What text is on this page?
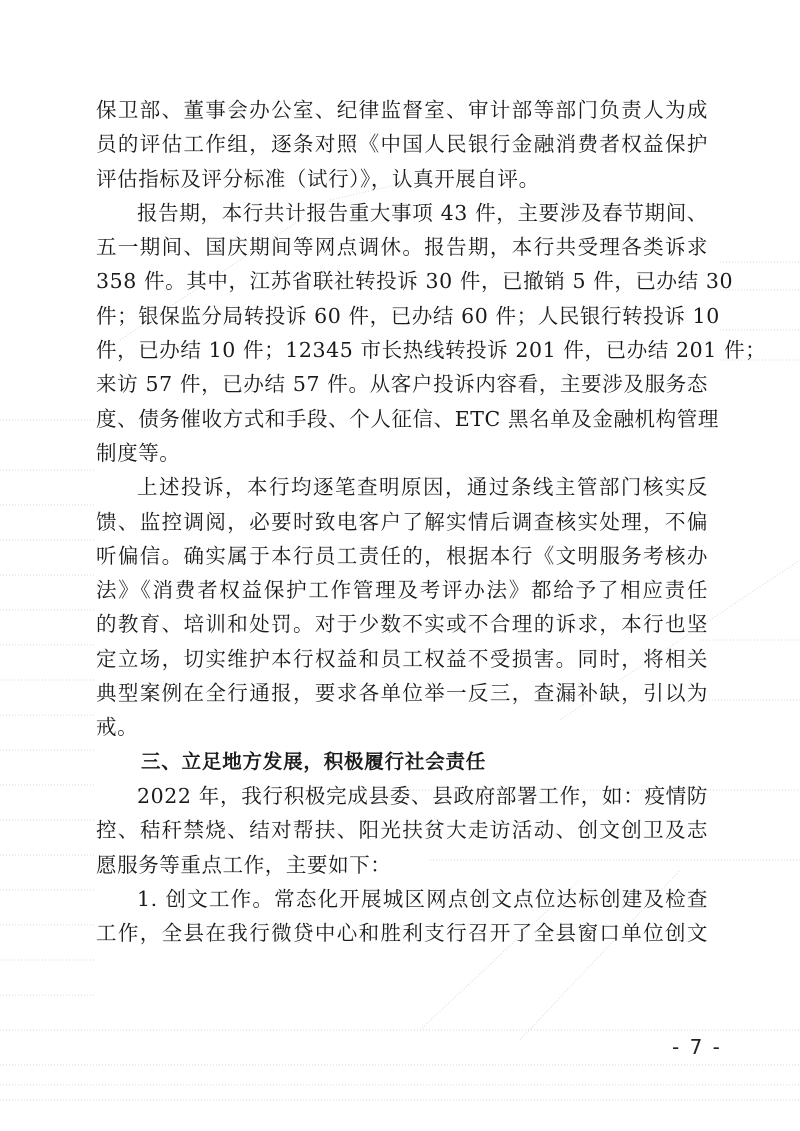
保卫部、董事会办公室、纪律监督室、审计部等部门负责人为成
员的评估工作组，逐条对照《中国人民银行金融消费者权益保护
评估指标及评分标准（试行）》，认真开展自评。
报告期，本行共计报告重大事项 43 件，主要涉及春节期间、
五一期间、国庆期间等网点调休。报告期，本行共受理各类诉求
358 件。其中，江苏省联社转投诉 30 件，已撤销 5 件，已办结 30
件；银保监分局转投诉 60 件，已办结 60 件；人民银行转投诉 10
件，已办结 10 件；12345 市长热线转投诉 201 件，已办结 201 件；
来访 57 件，已办结 57 件。从客户投诉内容看，主要涉及服务态
度、债务催收方式和手段、个人征信、ETC 黑名单及金融机构管理
制度等。
上述投诉，本行均逐笔查明原因，通过条线主管部门核实反
馈、监控调阅，必要时致电客户了解实情后调查核实处理，不偏
听偏信。确实属于本行员工责任的，根据本行《文明服务考核办
法》《消费者权益保护工作管理及考评办法》都给予了相应责任
的教育、培训和处罚。对于少数不实或不合理的诉求，本行也坚
定立场，切实维护本行权益和员工权益不受损害。同时，将相关
典型案例在全行通报，要求各单位举一反三，查漏补缺，引以为
戒。
三、立足地方发展，积极履行社会责任
2022 年，我行积极完成县委、县政府部署工作，如：疫情防
控、秸秆禁烧、结对帮扶、阳光扶贫大走访活动、创文创卫及志
愿服务等重点工作，主要如下：
1. 创文工作。常态化开展城区网点创文点位达标创建及检查
工作，全县在我行微贷中心和胜利支行召开了全县窗口单位创文
- 7 -
